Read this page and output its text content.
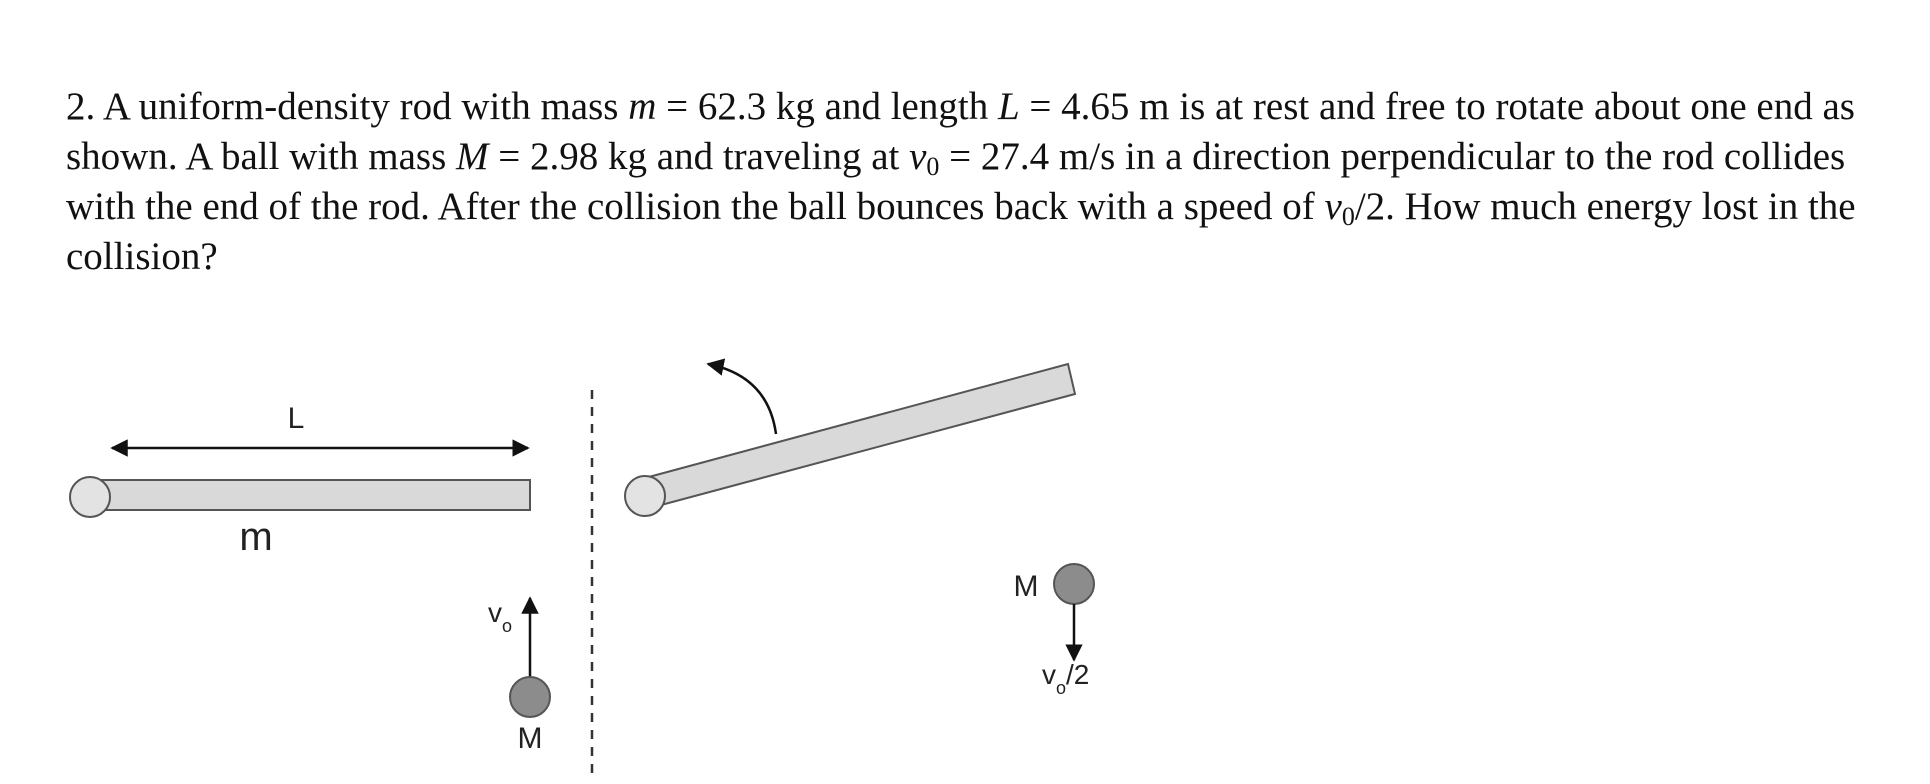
2. A uniform-density rod with mass m = 62.3 kg and length L = 4.65 m is at rest and free to rotate about one end as shown. A ball with mass M = 2.98 kg and traveling at $v_0 = 27.4$ m/s in a direction perpendicular to the rod collides with the end of the rod. After the collision the ball bounces back with a speed of $v_0/2$. How much energy lost in the collision?

L
m
$v_o$
M
M
$v_o/2$
